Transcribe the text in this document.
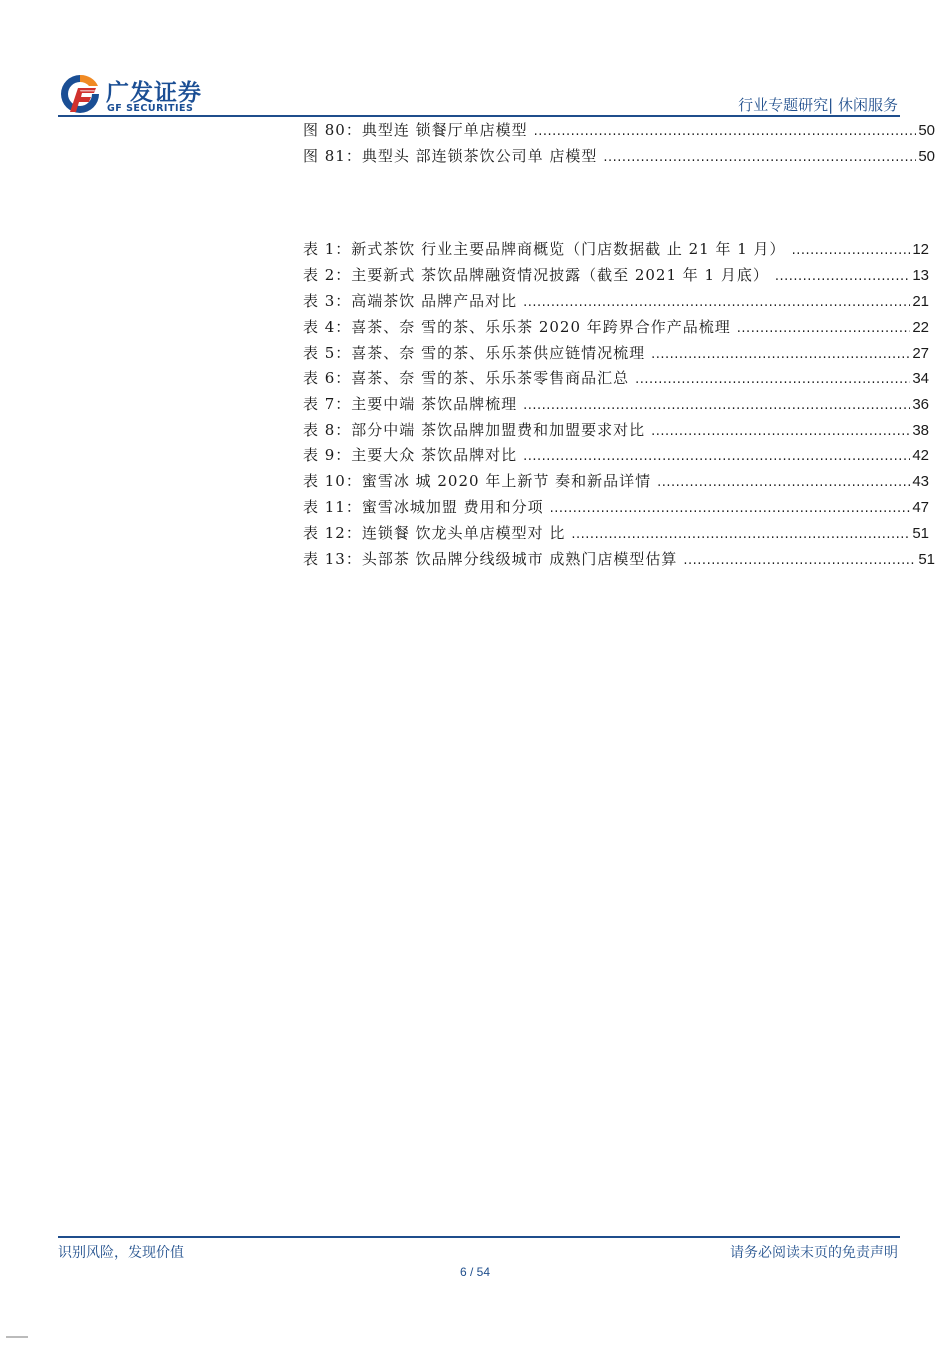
广发证券
GF SECURITIES	行业专题研究| 休闲服务
图 80：典型连 锁餐厅单店模型 .....	50
图 81：典型头 部连锁茶饮公司单 店模型 .....	50
表 1：新式茶饮 行业主要品牌商概览（门店数据截 止 21 年 1 月） .....	12
表 2：主要新式 茶饮品牌融资情况披露（截至 2021 年 1 月底） .....	13
表 3：高端茶饮 品牌产品对比 .....	21
表 4：喜茶、奈 雪的茶、乐乐茶 2020 年跨界合作产品梳理 .....	22
表 5：喜茶、奈 雪的茶、乐乐茶供应链情况梳理 .....	27
表 6：喜茶、奈 雪的茶、乐乐茶零售商品汇总 .....	34
表 7：主要中端 茶饮品牌梳理 .....	36
表 8：部分中端 茶饮品牌加盟费和加盟要求对比 .....	38
表 9：主要大众 茶饮品牌对比 .....	42
表 10：蜜雪冰 城 2020 年上新节 奏和新品详情 .....	43
表 11：蜜雪冰城加盟 费用和分项 .....	47
表 12：连锁餐 饮龙头单店模型对 比 .....	51
表 13：头部茶 饮品牌分线级城市 成熟门店模型估算 .....	51
识别风险，发现价值	请务必阅读末页的免责声明
6 / 54
